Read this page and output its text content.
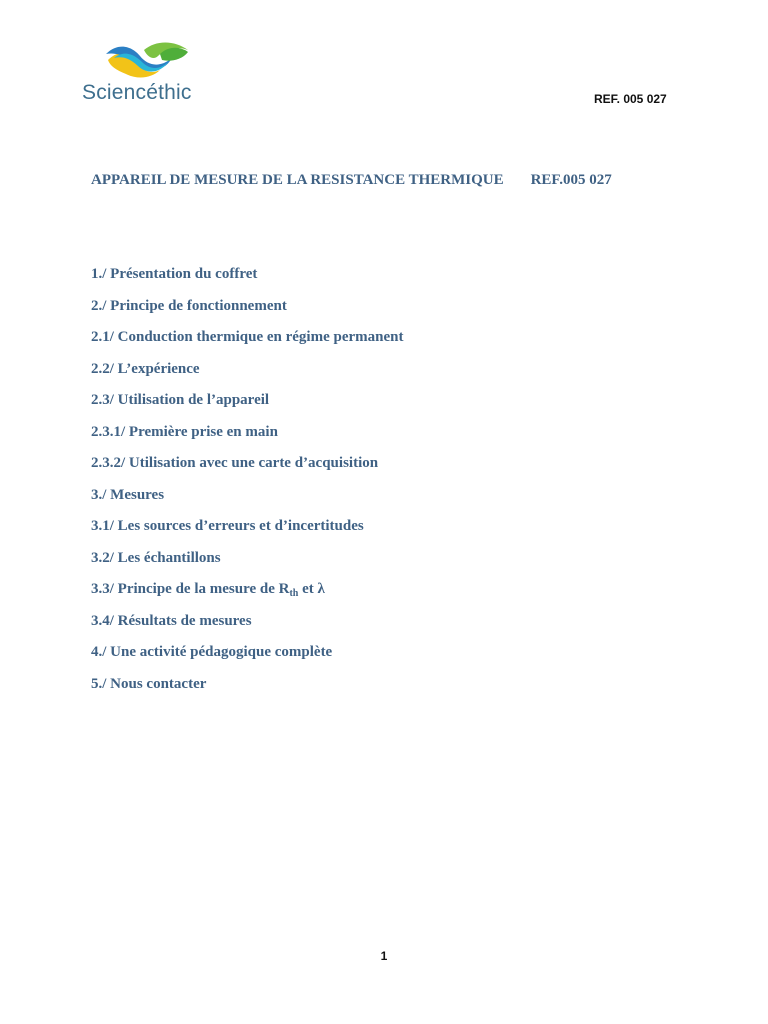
Sciencéthic	REF. 005 027
APPAREIL DE MESURE DE LA RESISTANCE THERMIQUE REF.005 027
1./ Présentation du coffret
2./ Principe de fonctionnement
2.1/ Conduction thermique en régime permanent
2.2/ L’expérience
2.3/ Utilisation de l’appareil
2.3.1/ Première prise en main
2.3.2/ Utilisation avec une carte d’acquisition
3./ Mesures
3.1/ Les sources d’erreurs et d’incertitudes
3.2/ Les échantillons
3.3/ Principe de la mesure de $R_{th}$ et λ
3.4/ Résultats de mesures
4./ Une activité pédagogique complète
5./ Nous contacter
1
